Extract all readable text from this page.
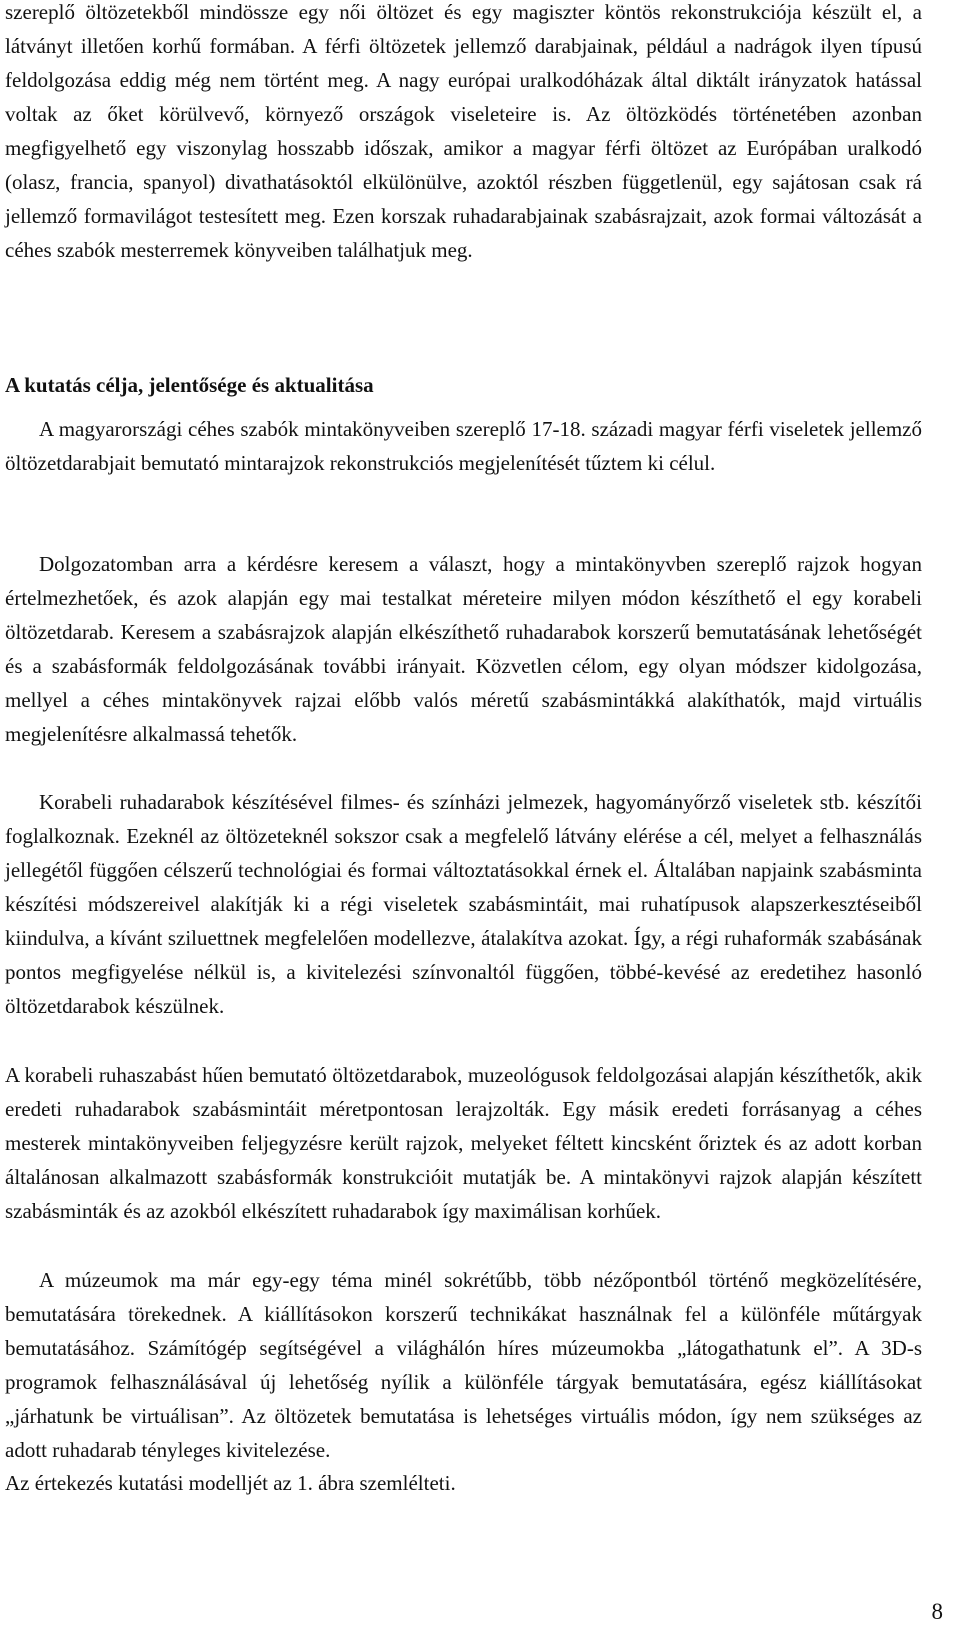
szereplő öltözetekből mindössze egy női öltözet és egy magiszter köntös rekonstrukciója készült el, a látványt illetően korhű formában. A férfi öltözetek jellemző darabjainak, például a nadrágok ilyen típusú feldolgozása eddig még nem történt meg. A nagy európai uralkodóházak által diktált irányzatok hatással voltak az őket körülvevő, környező országok viseleteire is. Az öltözködés történetében azonban megfigyelhető egy viszonylag hosszabb időszak, amikor a magyar férfi öltözet az Európában uralkodó (olasz, francia, spanyol) divathatásoktól elkülönülve, azoktól részben függetlenül, egy sajátosan csak rá jellemző formavilágot testesített meg. Ezen korszak ruhadarabjainak szabásrajzait, azok formai változását a céhes szabók mesterremek könyveiben találhatjuk meg.

A kutatás célja, jelentősége és aktualitása

A magyarországi céhes szabók mintakönyveiben szereplő 17-18. századi magyar férfi viseletek jellemző öltözetdarabjait bemutató mintarajzok rekonstrukciós megjelenítését tűztem ki célul.

Dolgozatomban arra a kérdésre keresem a választ, hogy a mintakönyvben szereplő rajzok hogyan értelmezhetőek, és azok alapján egy mai testalkat méreteire milyen módon készíthető el egy korabeli öltözetdarab. Keresem a szabásrajzok alapján elkészíthető ruhadarabok korszerű bemutatásának lehetőségét és a szabásformák feldolgozásának további irányait. Közvetlen célom, egy olyan módszer kidolgozása, mellyel a céhes mintakönyvek rajzai előbb valós méretű szabásmintákká alakíthatók, majd virtuális megjelenítésre alkalmassá tehetők.

Korabeli ruhadarabok készítésével filmes- és színházi jelmezek, hagyományőrző viseletek stb. készítői foglalkoznak. Ezeknél az öltözeteknél sokszor csak a megfelelő látvány elérése a cél, melyet a felhasználás jellegétől függően célszerű technológiai és formai változtatásokkal érnek el. Általában napjaink szabásminta készítési módszereivel alakítják ki a régi viseletek szabásmintáit, mai ruhatípusok alapszerkesztéseiből kiindulva, a kívánt sziluettnek megfelelően modellezve, átalakítva azokat. Így, a régi ruhaformák szabásának pontos megfigyelése nélkül is, a kivitelezési színvonaltól függően, többé-kevésé az eredetihez hasonló öltözetdarabok készülnek.

A korabeli ruhaszabást hűen bemutató öltözetdarabok, muzeológusok feldolgozásai alapján készíthetők, akik eredeti ruhadarabok szabásmintáit méretpontosan lerajzolták. Egy másik eredeti forrásanyag a céhes mesterek mintakönyveiben feljegyzésre került rajzok, melyeket féltett kincsként őriztek és az adott korban általánosan alkalmazott szabásformák konstrukcióit mutatják be. A mintakönyvi rajzok alapján készített szabásminták és az azokból elkészített ruhadarabok így maximálisan korhűek.

A múzeumok ma már egy-egy téma minél sokrétűbb, több nézőpontból történő megközelítésére, bemutatására törekednek. A kiállításokon korszerű technikákat használnak fel a különféle műtárgyak bemutatásához. Számítógép segítségével a világhálón híres múzeumokba „látogathatunk el”. A 3D-s programok felhasználásával új lehetőség nyílik a különféle tárgyak bemutatására, egész kiállításokat „járhatunk be virtuálisan”. Az öltözetek bemutatása is lehetséges virtuális módon, így nem szükséges az adott ruhadarab tényleges kivitelezése.

Az értekezés kutatási modelljét az 1. ábra szemlélteti.

8
